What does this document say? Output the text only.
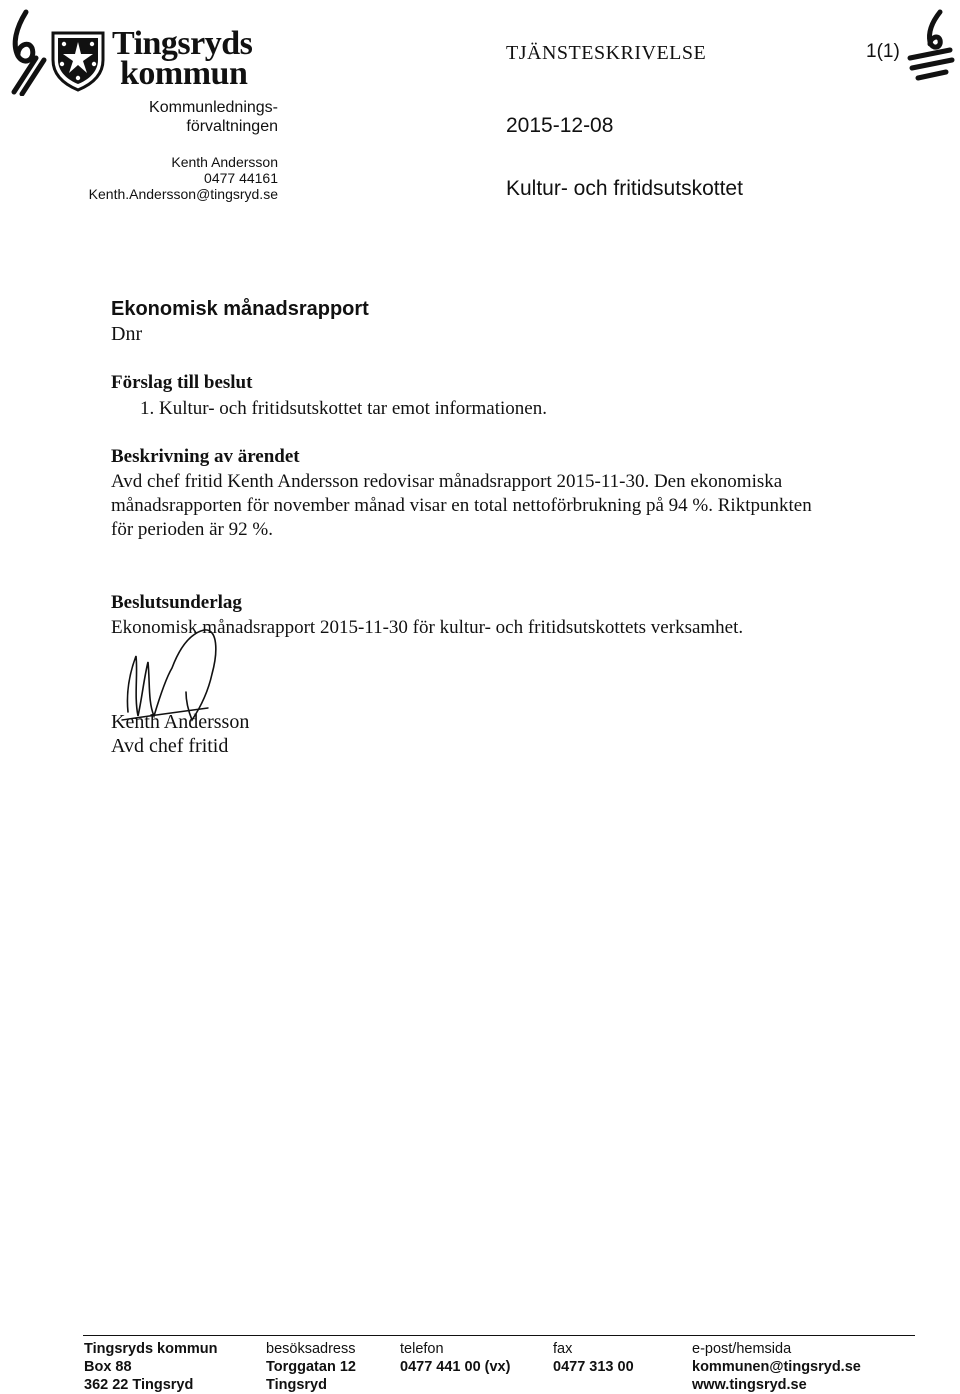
Tingsryds
kommun
Kommunlednings-
förvaltningen
Kenth Andersson
0477 44161
Kenth.Andersson@tingsryd.se
TJÄNSTESKRIVELSE	1(1)
2015-12-08
Kultur- och fritidsutskottet
Ekonomisk månadsrapport
Dnr
Förslag till beslut
1. Kultur- och fritidsutskottet tar emot informationen.
Beskrivning av ärendet
Avd chef fritid Kenth Andersson redovisar månadsrapport 2015-11-30. Den ekonomiska månadsrapporten för november månad visar en total nettoförbrukning på 94 %. Riktpunkten för perioden är 92 %.
Beslutsunderlag
Ekonomisk månadsrapport 2015-11-30 för kultur- och fritidsutskottets verksamhet.
Kenth Andersson
Avd chef fritid
Tingsryds kommun
Box 88
362 22 Tingsryd
besöksadress
Torggatan 12
Tingsryd
telefon
0477 441 00 (vx)
fax
0477 313 00
e-post/hemsida
kommunen@tingsryd.se
www.tingsryd.se
